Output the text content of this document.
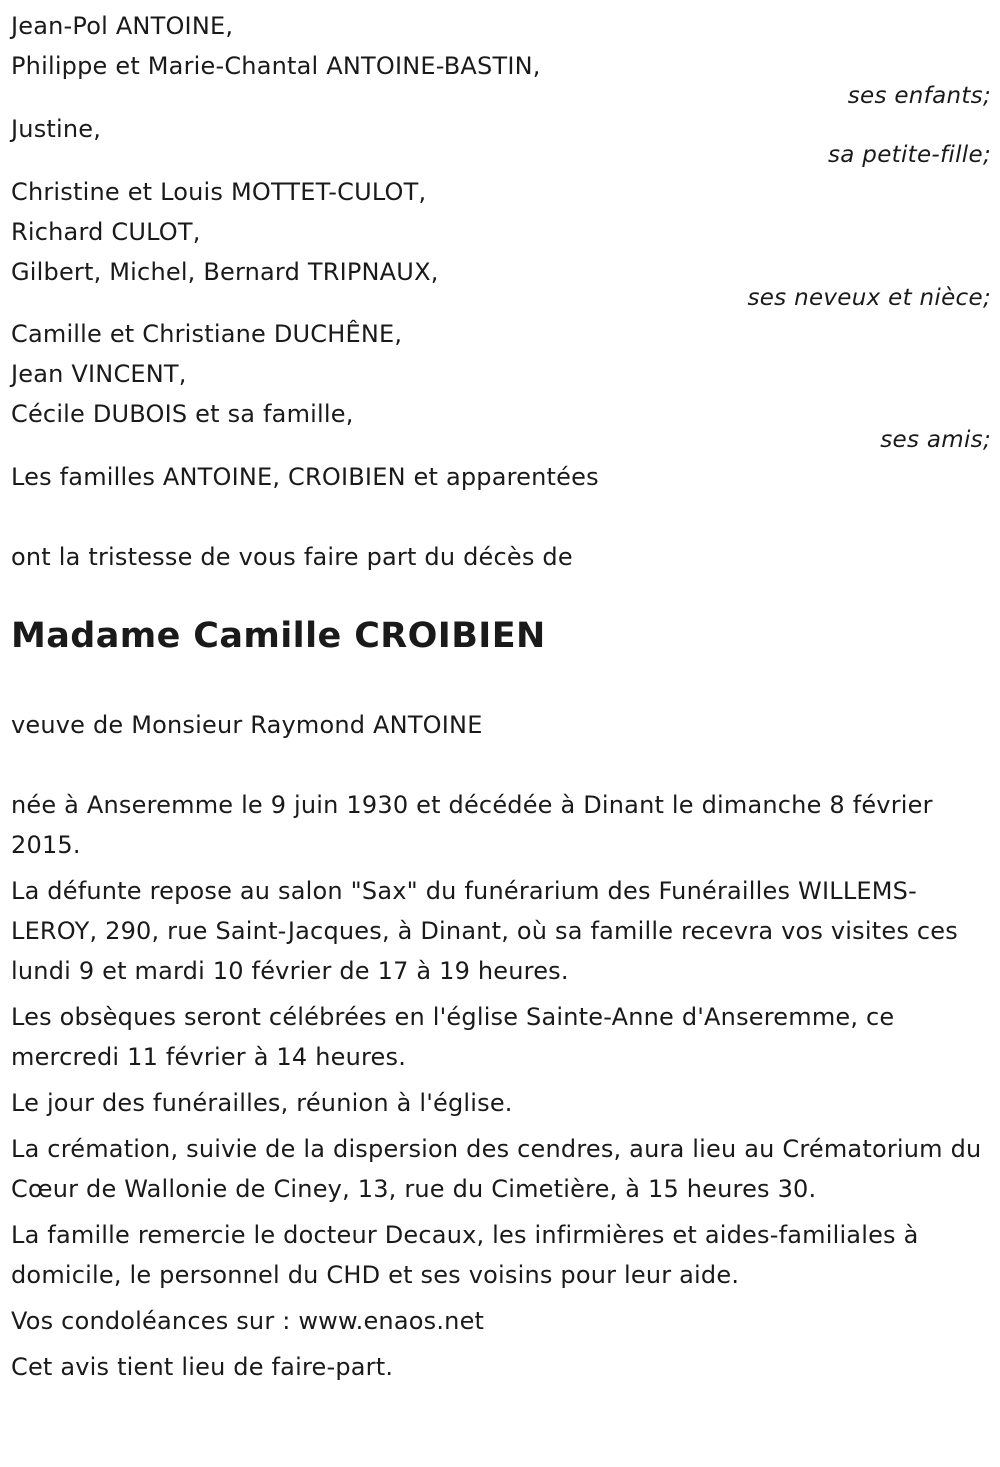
Jean-Pol ANTOINE,
Philippe et Marie-Chantal ANTOINE-BASTIN,
ses enfants;
Justine,
sa petite-fille;
Christine et Louis MOTTET-CULOT,
Richard CULOT,
Gilbert, Michel, Bernard TRIPNAUX,
ses neveux et nièce;
Camille et Christiane DUCHÊNE,
Jean VINCENT,
Cécile DUBOIS et sa famille,
ses amis;
Les familles ANTOINE, CROIBIEN et apparentées
ont la tristesse de vous faire part du décès de
Madame Camille CROIBIEN
veuve de Monsieur Raymond ANTOINE

née à Anseremme le 9 juin 1930 et décédée à Dinant le dimanche 8 février 2015.

La défunte repose au salon "Sax" du funérarium des Funérailles WILLEMS-LEROY, 290, rue Saint-Jacques, à Dinant, où sa famille recevra vos visites ces lundi 9 et mardi 10 février de 17 à 19 heures.

Les obsèques seront célébrées en l'église Sainte-Anne d'Anseremme, ce mercredi 11 février à 14 heures.

Le jour des funérailles, réunion à l'église.

La crémation, suivie de la dispersion des cendres, aura lieu au Crématorium du Cœur de Wallonie de Ciney, 13, rue du Cimetière, à 15 heures 30.

La famille remercie le docteur Decaux, les infirmières et aides-familiales à domicile, le personnel du CHD et ses voisins pour leur aide.

Vos condoléances sur : www.enaos.net

Cet avis tient lieu de faire-part.
